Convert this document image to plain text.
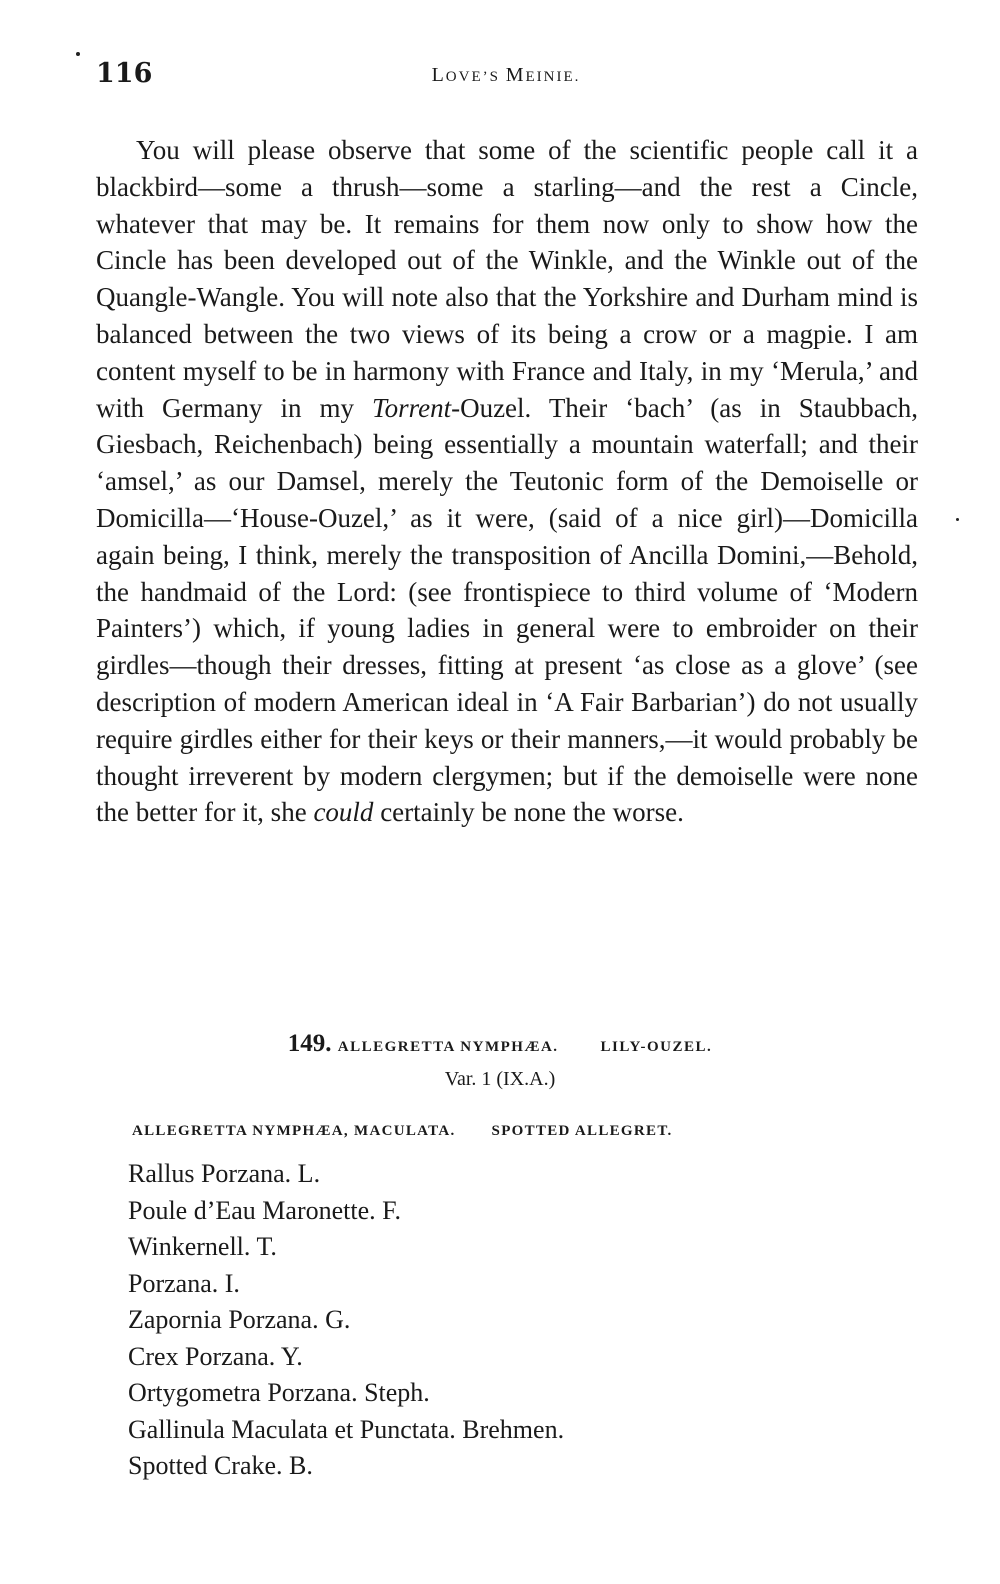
116	LOVE’S MEINIE.

You will please observe that some of the scientific people call it a blackbird—some a thrush—some a starling—and the rest a Cincle, whatever that may be. It remains for them now only to show how the Cincle has been developed out of the Winkle, and the Winkle out of the Quangle-Wangle. You will note also that the Yorkshire and Durham mind is balanced between the two views of its being a crow or a magpie. I am content myself to be in harmony with France and Italy, in my ‘Merula,’ and with Germany in my Torrent-Ouzel. Their ‘bach’ (as in Staubbach, Giesbach, Reichenbach) being essentially a mountain waterfall; and their ‘amsel,’ as our Damsel, merely the Teutonic form of the Demoiselle or Domicilla—‘House-Ouzel,’ as it were, (said of a nice girl)—Domicilla again being, I think, merely the transposition of Ancilla Domini,—Behold, the handmaid of the Lord: (see frontispiece to third volume of ‘Modern Painters’) which, if young ladies in general were to embroider on their girdles—though their dresses, fitting at present ‘as close as a glove’ (see description of modern American ideal in ‘A Fair Barbarian’) do not usually require girdles either for their keys or their manners,—it would probably be thought irreverent by modern clergymen; but if the demoiselle were none the better for it, she could certainly be none the worse.

149. ALLEGRETTA NYMPHÆA.	LILY-OUZEL.
Var. 1 (IX.A.)
ALLEGRETTA NYMPHÆA, MACULATA. SPOTTED ALLEGRET.
Rallus Porzana. L.
Poule d’Eau Maronette. F.
Winkernell. T.
Porzana. I.
Zapornia Porzana. G.
Crex Porzana. Y.
Ortygometra Porzana. Steph.
Gallinula Maculata et Punctata. Brehmen.
Spotted Crake. B.
